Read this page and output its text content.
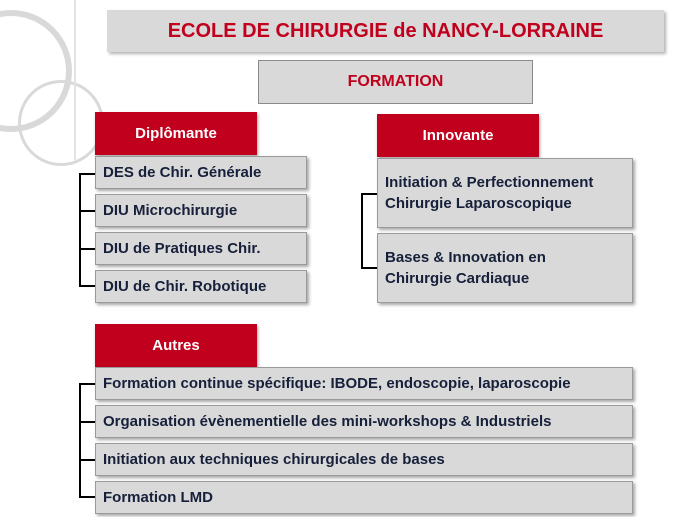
ECOLE DE CHIRURGIE de NANCY-LORRAINE
FORMATION
Diplômante
DES de Chir. Générale
DIU Microchirurgie
DIU de Pratiques Chir.
DIU de Chir. Robotique
Innovante
Initiation & Perfectionnement
Chirurgie Laparoscopique
Bases & Innovation en
Chirurgie Cardiaque
Autres
Formation continue spécifique: IBODE, endoscopie, laparoscopie
Organisation évènementielle des mini-workshops & Industriels
Initiation aux techniques chirurgicales de bases
Formation LMD
